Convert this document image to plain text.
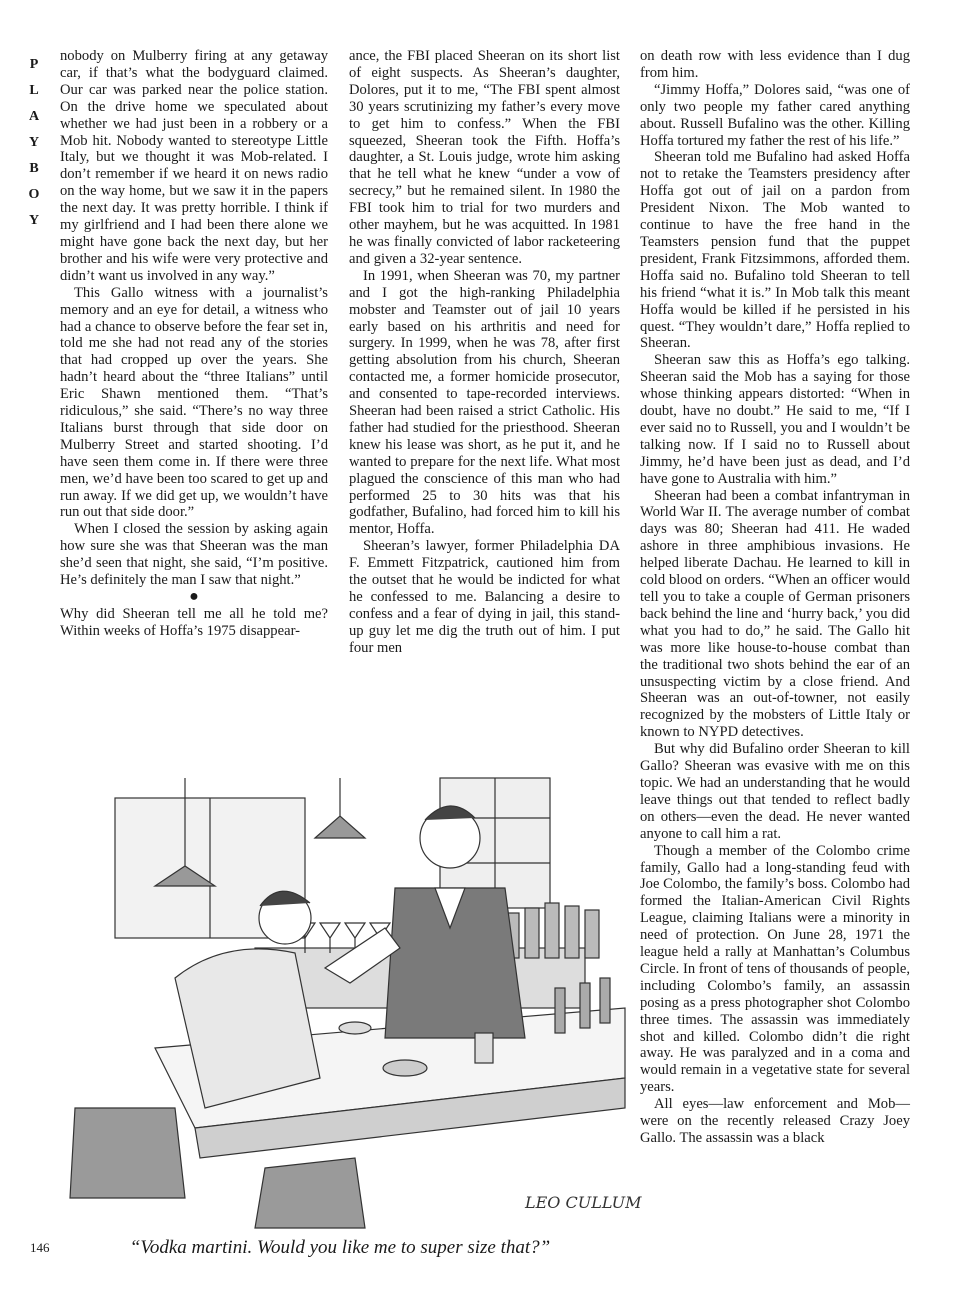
P
L
A
Y
B
O
Y

nobody on Mulberry firing at any getaway car, if that’s what the bodyguard claimed. Our car was parked near the police station. On the drive home we speculated about whether we had just been in a robbery or a Mob hit. Nobody wanted to stereotype Little Italy, but we thought it was Mob-related. I don’t remember if we heard it on news radio on the way home, but we saw it in the papers the next day. It was pretty horrible. I think if my girlfriend and I had been there alone we might have gone back the next day, but her brother and his wife were very protective and didn’t want us involved in any way.”

This Gallo witness with a journalist’s memory and an eye for detail, a witness who had a chance to observe before the fear set in, told me she had not read any of the stories that had cropped up over the years. She hadn’t heard about the “three Italians” until Eric Shawn mentioned them. “That’s ridiculous,” she said. “There’s no way three Italians burst through that side door on Mulberry Street and started shooting. I’d have seen them come in. If there were three men, we’d have been too scared to get up and run away. If we did get up, we wouldn’t have run out that side door.”

When I closed the session by asking again how sure she was that Sheeran was the man she’d seen that night, she said, “I’m positive. He’s definitely the man I saw that night.”

●

Why did Sheeran tell me all he told me? Within weeks of Hoffa’s 1975 disappear-

ance, the FBI placed Sheeran on its short list of eight suspects. As Sheeran’s daughter, Dolores, put it to me, “The FBI spent almost 30 years scrutinizing my father’s every move to get him to confess.” When the FBI squeezed, Sheeran took the Fifth. Hoffa’s daughter, a St. Louis judge, wrote him asking that he tell what he knew “under a vow of secrecy,” but he remained silent. In 1980 the FBI took him to trial for two murders and other mayhem, but he was acquitted. In 1981 he was finally convicted of labor racketeering and given a 32-year sentence.

In 1991, when Sheeran was 70, my partner and I got the high-ranking Philadelphia mobster and Teamster out of jail 10 years early based on his arthritis and need for surgery. In 1999, when he was 78, after first getting absolution from his church, Sheeran contacted me, a former homicide prosecutor, and consented to tape-recorded interviews. Sheeran had been raised a strict Catholic. His father had studied for the priesthood. Sheeran knew his lease was short, as he put it, and he wanted to prepare for the next life. What most plagued the conscience of this man who had performed 25 to 30 hits was that his godfather, Bufalino, had forced him to kill his mentor, Hoffa.

Sheeran’s lawyer, former Philadelphia DA F. Emmett Fitzpatrick, cautioned him from the outset that he would be indicted for what he confessed to me. Balancing a desire to confess and a fear of dying in jail, this stand-up guy let me dig the truth out of him. I put four men

on death row with less evidence than I dug from him.

“Jimmy Hoffa,” Dolores said, “was one of only two people my father cared anything about. Russell Bufalino was the other. Killing Hoffa tortured my father the rest of his life.”

Sheeran told me Bufalino had asked Hoffa not to retake the Teamsters presidency after Hoffa got out of jail on a pardon from President Nixon. The Mob wanted to continue to have the free hand in the Teamsters pension fund that the puppet president, Frank Fitzsimmons, afforded them. Hoffa said no. Bufalino told Sheeran to tell his friend “what it is.” In Mob talk this meant Hoffa would be killed if he persisted in his quest. “They wouldn’t dare,” Hoffa replied to Sheeran.

Sheeran saw this as Hoffa’s ego talking. Sheeran said the Mob has a saying for those whose thinking appears distorted: “When in doubt, have no doubt.” He said to me, “If I ever said no to Russell, you and I wouldn’t be talking now. If I said no to Russell about Jimmy, he’d have been just as dead, and I’d have gone to Australia with him.”

Sheeran had been a combat infantryman in World War II. The average number of combat days was 80; Sheeran had 411. He waded ashore in three amphibious invasions. He helped liberate Dachau. He learned to kill in cold blood on orders. “When an officer would tell you to take a couple of German prisoners back behind the line and ‘hurry back,’ you did what you had to do,” he said. The Gallo hit was more like house-to-house combat than the traditional two shots behind the ear of an unsuspecting victim by a close friend. And Sheeran was an out-of-towner, not easily recognized by the mobsters of Little Italy or known to NYPD detectives.

But why did Bufalino order Sheeran to kill Gallo? Sheeran was evasive with me on this topic. We had an understanding that he would leave things out that tended to reflect badly on others—even the dead. He never wanted anyone to call him a rat.

Though a member of the Colombo crime family, Gallo had a long-standing feud with Joe Colombo, the family’s boss. Colombo had formed the Italian-American Civil Rights League, claiming Italians were a minority in need of protection. On June 28, 1971 the league held a rally at Manhattan’s Columbus Circle. In front of tens of thousands of people, including Colombo’s family, an assassin posing as a press photographer shot Colombo three times. The assassin was immediately shot and killed. Colombo didn’t die right away. He was paralyzed and in a coma and would remain in a vegetative state for several years.

All eyes—law enforcement and Mob—were on the recently released Crazy Joey Gallo. The assassin was a black

LEO CULLUM
“Vodka martini. Would you like me to super size that?”
146
